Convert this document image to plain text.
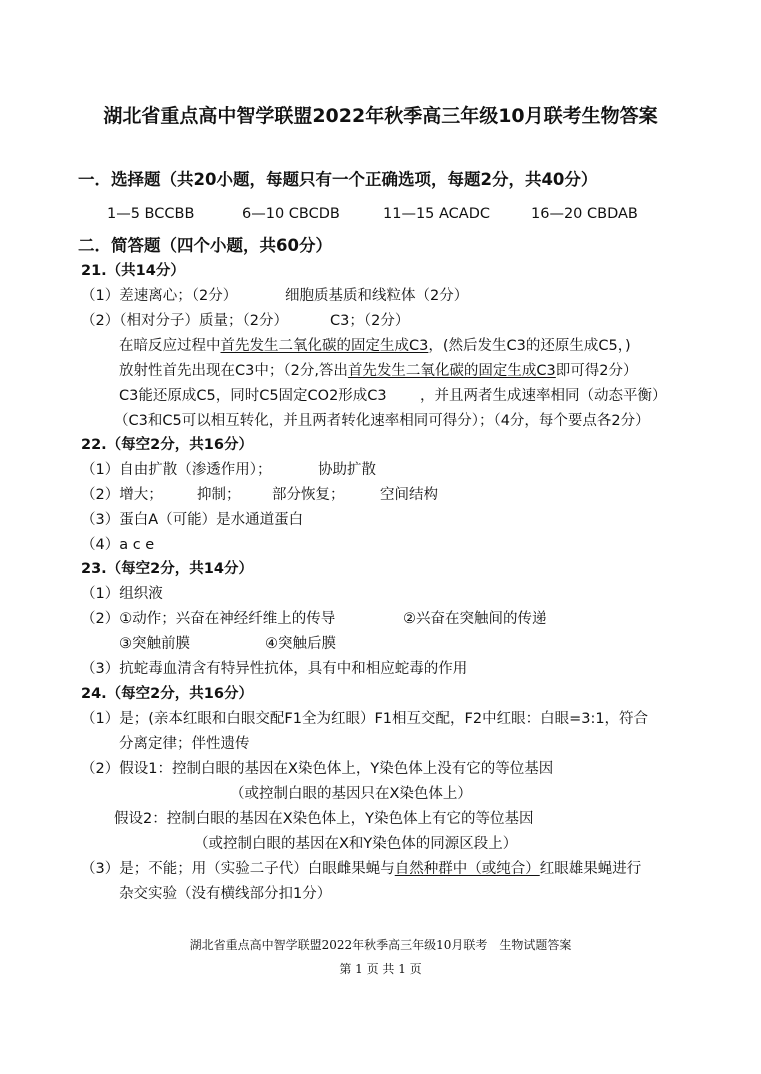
湖北省重点高中智学联盟2022年秋季高三年级10月联考生物答案
一．选择题（共20小题，每题只有一个正确选项，每题2分，共40分）
1—5 BCCBB	6—10 CBCDB	11—15 ACADC	16—20 CBDAB
二．简答题（四个小题，共60分）
21.（共14分）
（1）差速离心；（2分）	细胞质基质和线粒体（2分）
（2）（相对分子）质量；（2分）	C3；（2分）
在暗反应过程中首先发生二氧化碳的固定生成C3，(然后发生C3的还原生成C5，)
放射性首先出现在C3中；（2分,答出首先发生二氧化碳的固定生成C3即可得2分）
C3能还原成C5，同时C5固定CO2形成C3 ，并且两者生成速率相同（动态平衡）
（C3和C5可以相互转化，并且两者转化速率相同可得分）；（4分，每个要点各2分）
22.（每空2分，共16分）
（1）自由扩散（渗透作用）；	协助扩散
（2）增大； 抑制； 部分恢复； 空间结构
（3）蛋白A（可能）是水通道蛋白
（4）a c e
23.（每空2分，共14分）
（1）组织液
（2）①动作；兴奋在神经纤维上的传导	②兴奋在突触间的传递
③突触前膜	④突触后膜
（3）抗蛇毒血清含有特异性抗体，具有中和相应蛇毒的作用
24.（每空2分，共16分）
（1）是；(亲本红眼和白眼交配F1全为红眼）F1相互交配，F2中红眼：白眼=3:1，符合
分离定律；伴性遗传
（2）假设1：控制白眼的基因在X染色体上，Y染色体上没有它的等位基因
（或控制白眼的基因只在X染色体上）
假设2：控制白眼的基因在X染色体上，Y染色体上有它的等位基因
（或控制白眼的基因在X和Y染色体的同源区段上）
（3）是；不能；用（实验二子代）白眼雌果蝇与自然种群中（或纯合）红眼雄果蝇进行
杂交实验（没有横线部分扣1分）
湖北省重点高中智学联盟2022年秋季高三年级10月联考　生物试题答案
第 1 页 共 1 页
